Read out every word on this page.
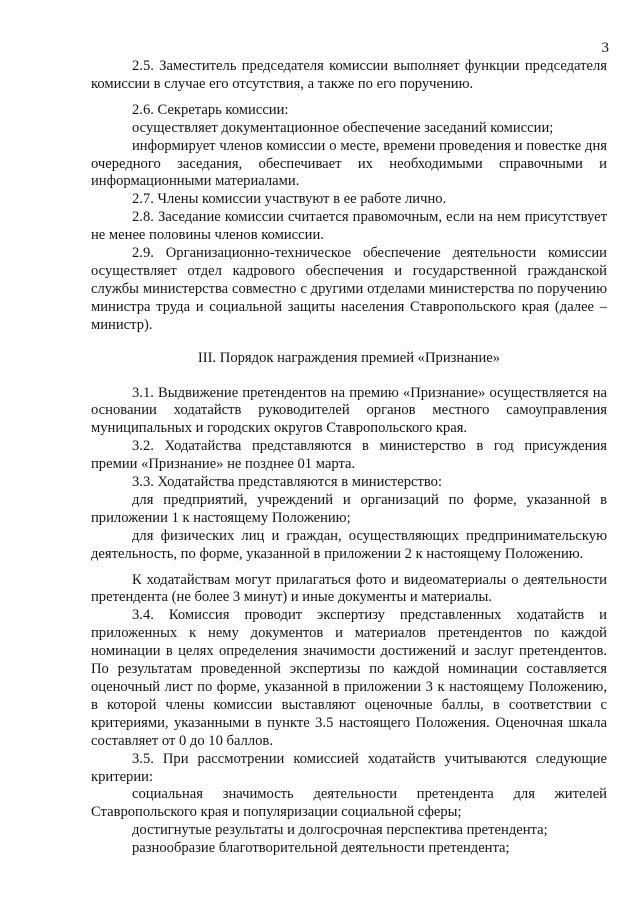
3

2.5. Заместитель председателя комиссии выполняет функции председателя комиссии в случае его отсутствия, а также по его поручению.

2.6. Секретарь комиссии:

осуществляет документационное обеспечение заседаний комиссии;

информирует членов комиссии о месте, времени проведения и повестке дня очередного заседания, обеспечивает их необходимыми справочными и информационными материалами.

2.7. Члены комиссии участвуют в ее работе лично.

2.8. Заседание комиссии считается правомочным, если на нем присутствует не менее половины членов комиссии.

2.9. Организационно-техническое обеспечение деятельности комиссии осуществляет отдел кадрового обеспечения и государственной гражданской службы министерства совместно с другими отделами министерства по поручению министра труда и социальной защиты населения Ставропольского края (далее – министр).

III. Порядок награждения премией «Признание»

3.1. Выдвижение претендентов на премию «Признание» осуществляется на основании ходатайств руководителей органов местного самоуправления муниципальных и городских округов Ставропольского края.

3.2. Ходатайства представляются в министерство в год присуждения премии «Признание» не позднее 01 марта.

3.3. Ходатайства представляются в министерство:

для предприятий, учреждений и организаций по форме, указанной в приложении 1 к настоящему Положению;

для физических лиц и граждан, осуществляющих предпринимательскую деятельность, по форме, указанной в приложении 2 к настоящему Положению.

К ходатайствам могут прилагаться фото и видеоматериалы о деятельности претендента (не более 3 минут) и иные документы и материалы.

3.4. Комиссия проводит экспертизу представленных ходатайств и приложенных к нему документов и материалов претендентов по каждой номинации в целях определения значимости достижений и заслуг претендентов. По результатам проведенной экспертизы по каждой номинации составляется оценочный лист по форме, указанной в приложении 3 к настоящему Положению, в которой члены комиссии выставляют оценочные баллы, в соответствии с критериями, указанными в пункте 3.5 настоящего Положения. Оценочная шкала составляет от 0 до 10 баллов.

3.5. При рассмотрении комиссией ходатайств учитываются следующие критерии:

социальная значимость деятельности претендента для жителей Ставропольского края и популяризации социальной сферы;

достигнутые результаты и долгосрочная перспектива претендента;

разнообразие благотворительной деятельности претендента;
